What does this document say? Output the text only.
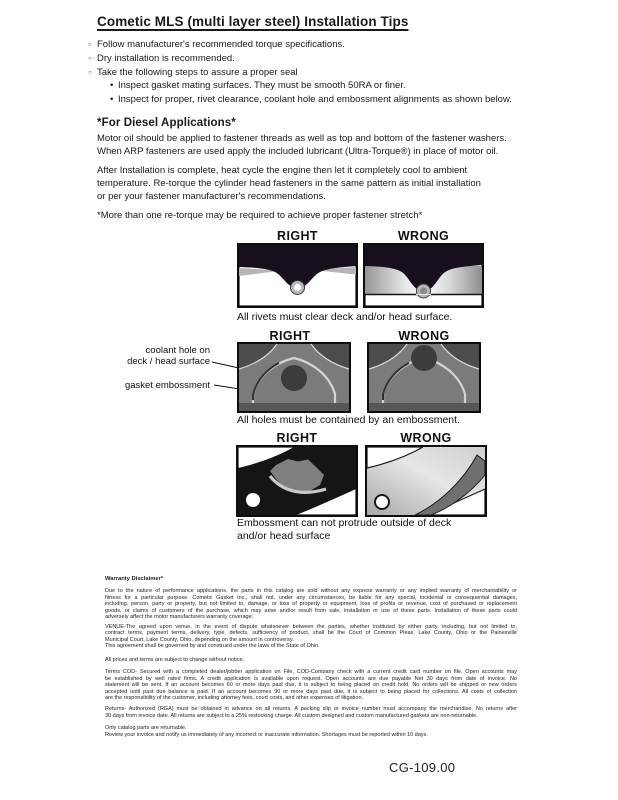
Cometic MLS (multi layer steel) Installation Tips
○ Follow manufacturer's recommended torque specifications.
○ Dry installation is recommended.
○ Take the following steps to assure a proper seal
• Inspect gasket mating surfaces. They must be smooth 50RA or finer.
• Inspect for proper, rivet clearance, coolant hole and embossment alignments as shown below.
*For Diesel Applications*
Motor oil should be applied to fastener threads as well as top and bottom of the fastener washers.
When ARP fasteners are used apply the included lubricant (Ultra-Torque®) in place of motor oil.
After Installation is complete, heat cycle the engine then let it completely cool to ambient
temperature. Re-torque the cylinder head fasteners in the same pattern as initial installation
or per your fastener manufacturer's recommendations.
*More than one re-torque may be required to achieve proper fastener stretch*
RIGHT	WRONG
All rivets must clear deck and/or head surface.
RIGHT	WRONG
coolant hole on
deck / head surface
gasket embossment
All holes must be contained by an embossment.
RIGHT	WRONG
Embossment can not protrude outside of deck
and/or head surface
Warranty Disclaimer*
Due to the nature of performance applications, the parts in this catalog are sold without any express warranty or any implied warranty of merchantability or
fitness for a particular purpose. Cometic Gasket Inc., shall not, under any circumstances, be liable for any special, incidental or consequential damages,
including, person, party or property, but not limited to, damage, or loss of property or equipment, loss of profits or revenue, cost of purchased or replacement
goods, or claims of customers of the purchase, which may arise and/or result from sale, installation or use of these parts. Installation of these parts could
adversely affect the motor manufacturers warranty coverage.
VENUE-The agreed upon venue, in the event of dispute whatsoever between the parties, whether instituted by either party, including, but not limited to,
contract terms, payment terms, delivery, type, defects, sufficiency of product, shall be the Court of Common Pleas, Lake County, Ohio or the Painesville
Municipal Court, Lake County, Ohio, depending on the amount in controversy.
This agreement shall be governed by and construed under the laws of the State of Ohio.
All prices and terms are subject to change without notice.
Terms COD- Secured with a completed dealer/jobber application on File, COD-Company check with a current credit card number on file. Open accounts may
be established by well rated firms. A credit application is available upon request. Open accounts are due payable Net 30 days from date of invoice. No
statement will be sent. If an account becomes 60 or more days past due, it is subject to being placed on credit hold. No orders will be shipped or new orders
accepted until past due balance is paid. If an account becomes 90 or more days past due, it is subject to being placed for collections. All costs of collection
are the responsibility of the customer, including attorney fees, court costs, and other expenses of litigation.
Returns- Authorized (RGA) must be obtained in advance on all returns. A packing slip or invoice number must accompany the merchandise. No returns after
30 days from invoice date. All returns are subject to a 25% restocking charge. All custom designed and custom manufactured gaskets are non-returnable.
Only catalog parts are returnable.
Review your invoice and notify us immediately of any incorrect or inaccurate information. Shortages must be reported within 10 days.
CG-109.00
